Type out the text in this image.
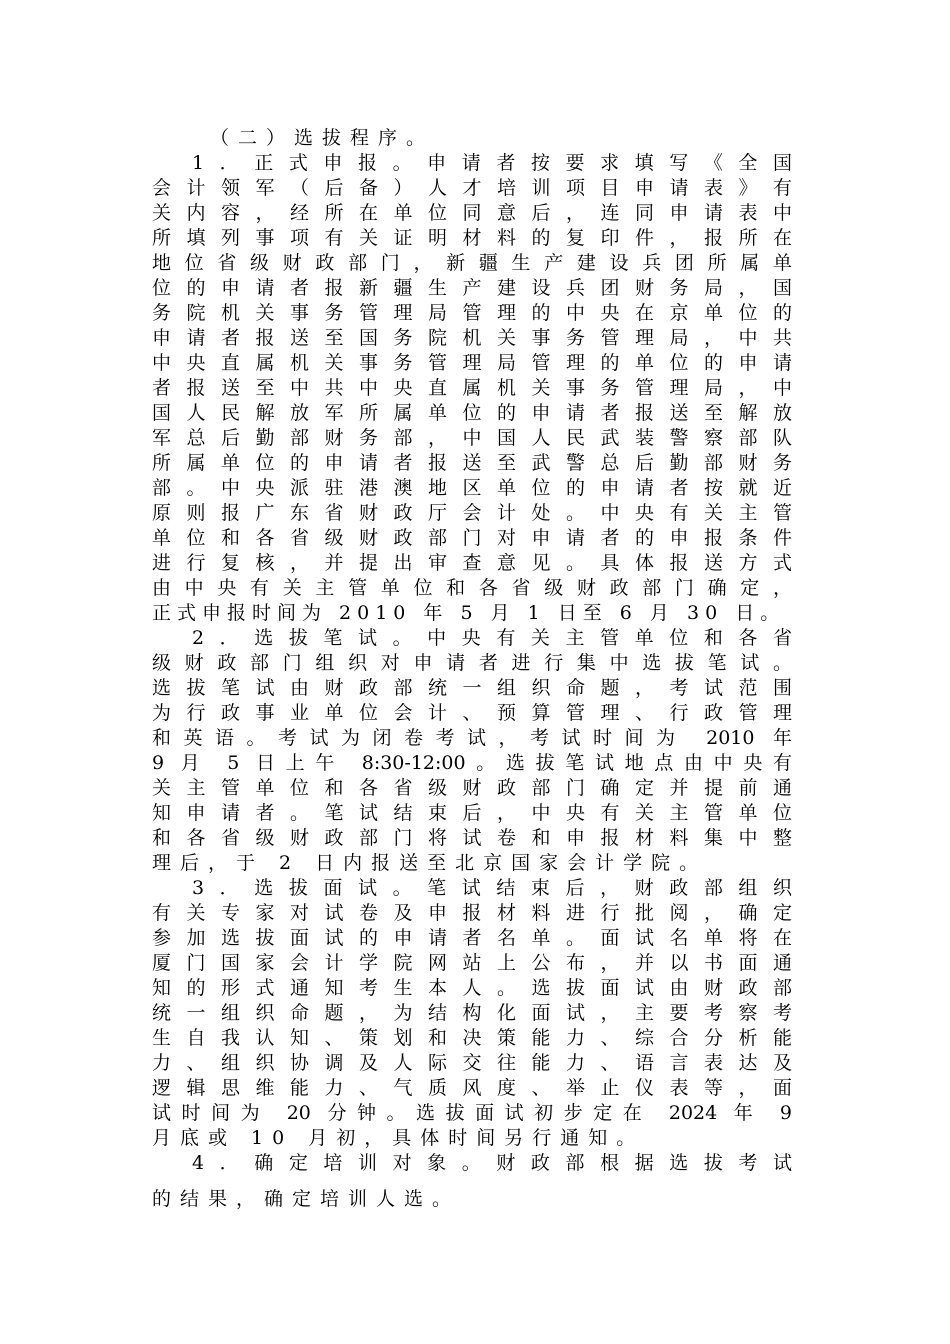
（二）选拔程序。
1．正式申报。申请者按要求填写《全国
会计领军（后备）人才培训项目申请表》有
关内容，经所在单位同意后，连同申请表中
所填列事项有关证明材料的复印件，报所在
地位省级财政部门，新疆生产建设兵团所属单
位的申请者报新疆生产建设兵团财务局，国
务院机关事务管理局管理的中央在京单位的
申请者报送至国务院机关事务管理局，中共
中央直属机关事务管理局管理的单位的申请
者报送至中共中央直属机关事务管理局，中
国人民解放军所属单位的申请者报送至解放
军总后勤部财务部，中国人民武装警察部队
所属单位的申请者报送至武警总后勤部财务
部。中央派驻港澳地区单位的申请者按就近
原则报广东省财政厅会计处。中央有关主管
单位和各省级财政部门对申请者的申报条件
进行复核，并提出审查意见。具体报送方式
由中央有关主管单位和各省级财政部门确定，
正式申报时间为 2010 年 5 月 1 日至 6 月 30 日。
2．选拔笔试。中央有关主管单位和各省
级财政部门组织对申请者进行集中选拔笔试。
选拔笔试由财政部统一组织命题，考试范围
为行政事业单位会计、预算管理、行政管理
和英语。考试为闭卷考试，考试时间为 2010 年
9 月 5 日上午 8:30-12:00。选拔笔试地点由中央有
关主管单位和各省级财政部门确定并提前通
知申请者。笔试结束后，中央有关主管单位
和各省级财政部门将试卷和申报材料集中整
理后，于 2 日内报送至北京国家会计学院。
3．选拔面试。笔试结束后，财政部组织
有关专家对试卷及申报材料进行批阅，确定
参加选拔面试的申请者名单。面试名单将在
厦门国家会计学院网站上公布，并以书面通
知的形式通知考生本人。选拔面试由财政部
统一组织命题，为结构化面试，主要考察考
生自我认知、策划和决策能力、综合分析能
力、组织协调及人际交往能力、语言表达及
逻辑思维能力、气质风度、举止仪表等，面
试时间为 20 分钟。选拔面试初步定在 2024 年 9
月底或 10 月初，具体时间另行通知。
4．确定培训对象。财政部根据选拔考试
的结果，确定培训人选。
